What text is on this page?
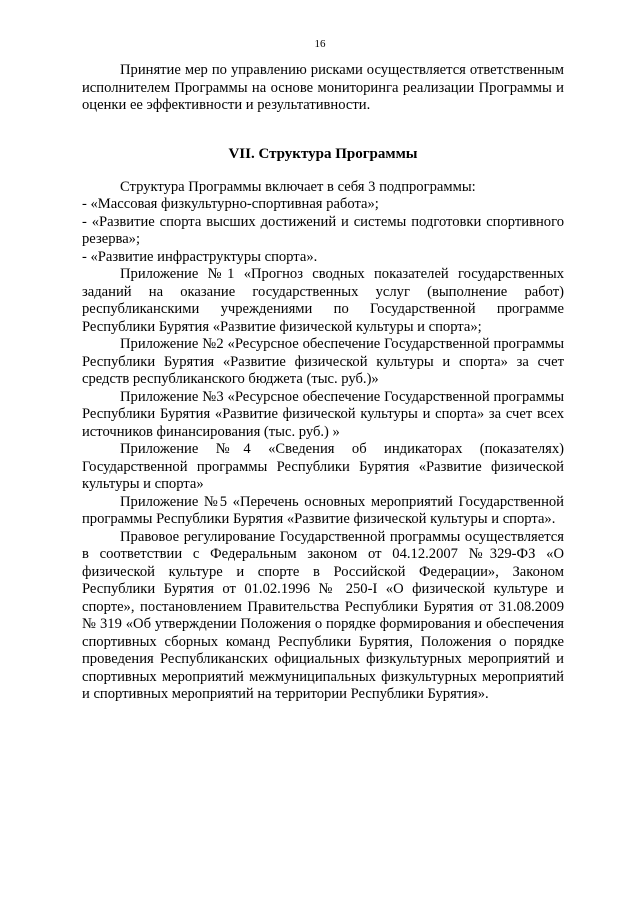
16

Принятие мер по управлению рисками осуществляется ответственным исполнителем Программы на основе мониторинга реализации Программы и оценки ее эффективности и результативности.

VII. Структура Программы

Структура Программы включает в себя 3 подпрограммы:

- «Массовая физкультурно-спортивная работа»;

- «Развитие спорта высших достижений и системы подготовки спортивного резерва»;

- «Развитие инфраструктуры спорта».

Приложение №1 «Прогноз сводных показателей государственных заданий на оказание государственных услуг (выполнение работ) республиканскими учреждениями по Государственной программе Республики Бурятия «Развитие физической культуры и спорта»;

Приложение №2 «Ресурсное обеспечение Государственной программы Республики Бурятия «Развитие физической культуры и спорта» за счет средств республиканского бюджета (тыс. руб.)»

Приложение №3 «Ресурсное обеспечение Государственной программы Республики Бурятия «Развитие физической культуры и спорта» за счет всех источников финансирования (тыс. руб.) »

Приложение №4 «Сведения об индикаторах (показателях) Государственной программы Республики Бурятия «Развитие физической культуры и спорта»

Приложение №5 «Перечень основных мероприятий Государственной программы Республики Бурятия «Развитие физической культуры и спорта».

Правовое регулирование Государственной программы осуществляется в соответствии с Федеральным законом от 04.12.2007 №329-ФЗ «О физической культуре и спорте в Российской Федерации», Законом Республики Бурятия от 01.02.1996 № 250-I «О физической культуре и спорте», постановлением Правительства Республики Бурятия от 31.08.2009 № 319 «Об утверждении Положения о порядке формирования и обеспечения спортивных сборных команд Республики Бурятия, Положения о порядке проведения Республиканских официальных физкультурных мероприятий и спортивных мероприятий межмуниципальных физкультурных мероприятий и спортивных мероприятий на территории Республики Бурятия».
